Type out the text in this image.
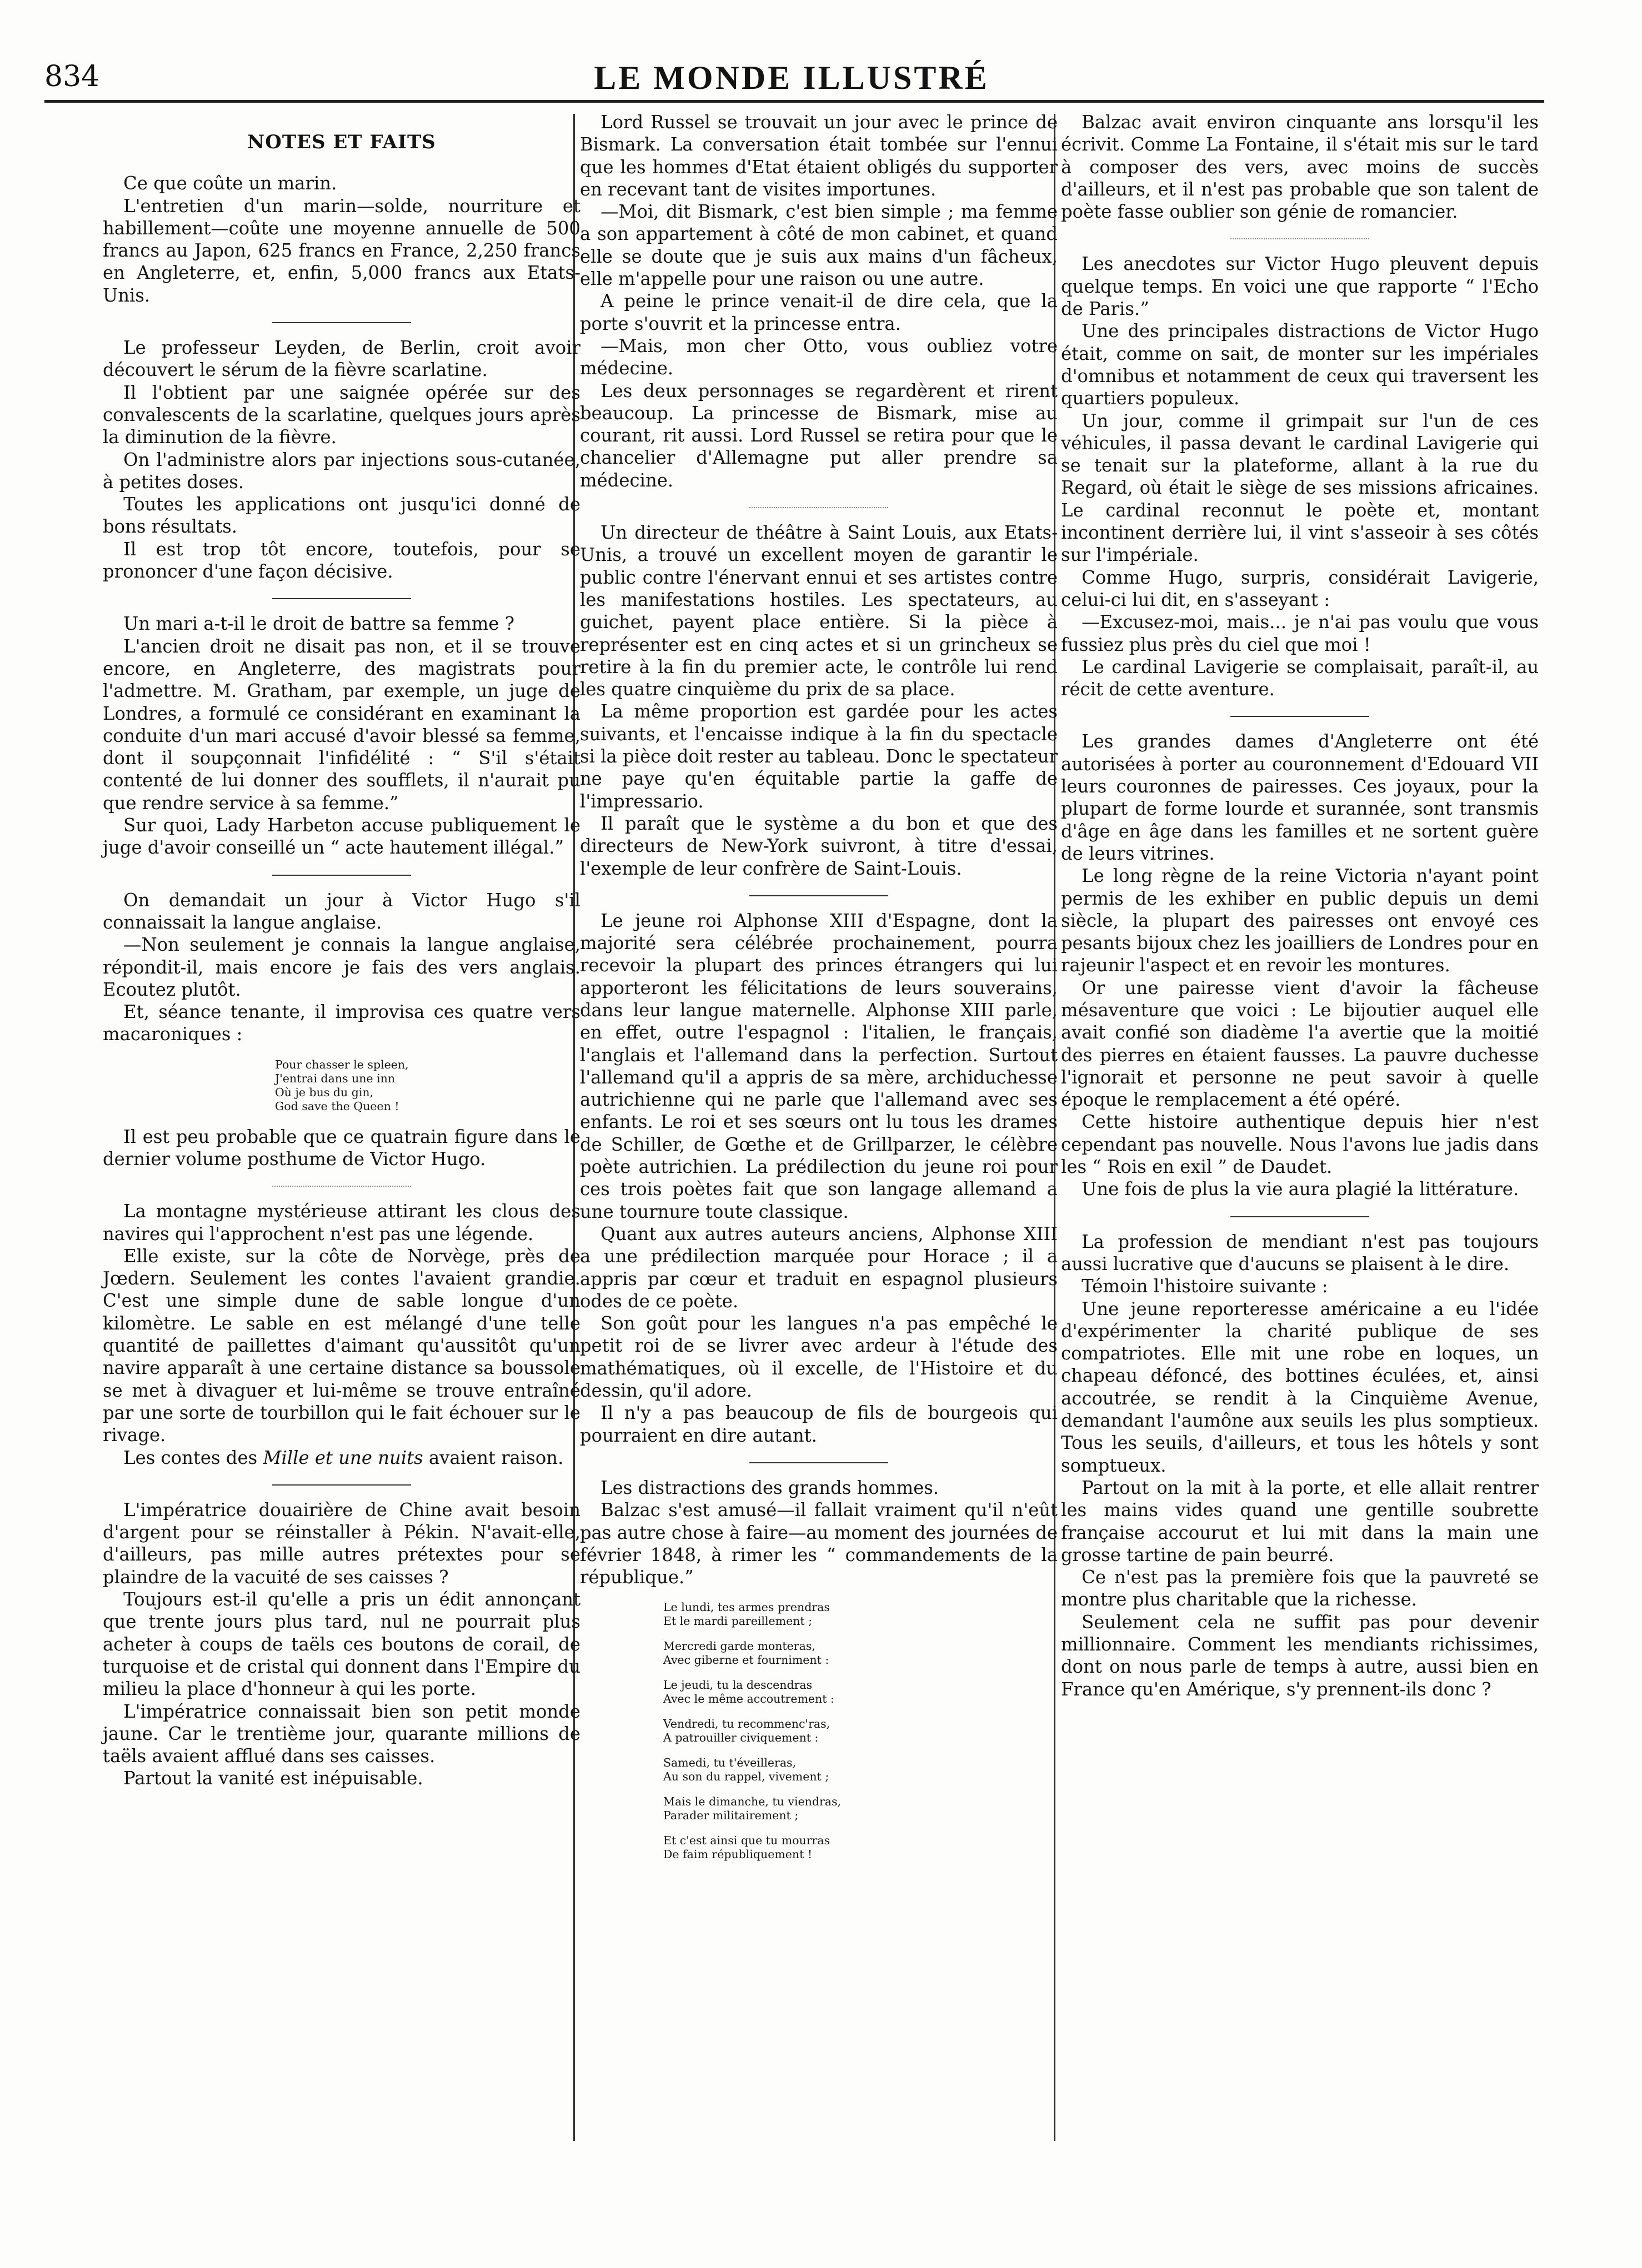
834	LE MONDE ILLUSTRÉ

NOTES ET FAITS

Ce que coûte un marin.

L'entretien d'un marin—solde, nourriture et habillement—coûte une moyenne annuelle de 500 francs au Japon, 625 francs en France, 2,250 francs en Angleterre, et, enfin, 5,000 francs aux Etats-Unis.

Le professeur Leyden, de Berlin, croit avoir découvert le sérum de la fièvre scarlatine.

Il l'obtient par une saignée opérée sur des convalescents de la scarlatine, quelques jours après la diminution de la fièvre.

On l'administre alors par injections sous-cutanée, à petites doses.

Toutes les applications ont jusqu'ici donné de bons résultats.

Il est trop tôt encore, toutefois, pour se prononcer d'une façon décisive.

Un mari a-t-il le droit de battre sa femme ?

L'ancien droit ne disait pas non, et il se trouve encore, en Angleterre, des magistrats pour l'admettre. M. Gratham, par exemple, un juge de Londres, a formulé ce considérant en examinant la conduite d'un mari accusé d'avoir blessé sa femme, dont il soupçonnait l'infidélité : “ S'il s'était contenté de lui donner des soufflets, il n'aurait pu que rendre service à sa femme.”

Sur quoi, Lady Harbeton accuse publiquement le juge d'avoir conseillé un “ acte hautement illégal.”

On demandait un jour à Victor Hugo s'il connaissait la langue anglaise.

—Non seulement je connais la langue anglaise, répondit-il, mais encore je fais des vers anglais. Ecoutez plutôt.

Et, séance tenante, il improvisa ces quatre vers macaroniques :

Pour chasser le spleen,
J'entrai dans une inn
Où je bus du gin,
God save the Queen !

Il est peu probable que ce quatrain figure dans le dernier volume posthume de Victor Hugo.

La montagne mystérieuse attirant les clous des navires qui l'approchent n'est pas une légende.

Elle existe, sur la côte de Norvège, près de Jœdern. Seulement les contes l'avaient grandie. C'est une simple dune de sable longue d'un kilomètre. Le sable en est mélangé d'une telle quantité de paillettes d'aimant qu'aussitôt qu'un navire apparaît à une certaine distance sa boussole se met à divaguer et lui-même se trouve entraîné par une sorte de tourbillon qui le fait échouer sur le rivage.

Les contes des Mille et une nuits avaient raison.

L'impératrice douairière de Chine avait besoin d'argent pour se réinstaller à Pékin. N'avait-elle, d'ailleurs, pas mille autres prétextes pour se plaindre de la vacuité de ses caisses ?

Toujours est-il qu'elle a pris un édit annonçant que trente jours plus tard, nul ne pourrait plus acheter à coups de taëls ces boutons de corail, de turquoise et de cristal qui donnent dans l'Empire du milieu la place d'honneur à qui les porte.

L'impératrice connaissait bien son petit monde jaune. Car le trentième jour, quarante millions de taëls avaient afflué dans ses caisses.

Partout la vanité est inépuisable.

Lord Russel se trouvait un jour avec le prince de Bismark. La conversation était tombée sur l'ennui que les hommes d'Etat étaient obligés du supporter en recevant tant de visites importunes.

—Moi, dit Bismark, c'est bien simple ; ma femme a son appartement à côté de mon cabinet, et quand elle se doute que je suis aux mains d'un fâcheux, elle m'appelle pour une raison ou une autre.

A peine le prince venait-il de dire cela, que la porte s'ouvrit et la princesse entra.

—Mais, mon cher Otto, vous oubliez votre médecine.

Les deux personnages se regardèrent et rirent beaucoup. La princesse de Bismark, mise au courant, rit aussi. Lord Russel se retira pour que le chancelier d'Allemagne put aller prendre sa médecine.

Un directeur de théâtre à Saint Louis, aux Etats-Unis, a trouvé un excellent moyen de garantir le public contre l'énervant ennui et ses artistes contre les manifestations hostiles. Les spectateurs, au guichet, payent place entière. Si la pièce à représenter est en cinq actes et si un grincheux se retire à la fin du premier acte, le contrôle lui rend les quatre cinquième du prix de sa place.

La même proportion est gardée pour les actes suivants, et l'encaisse indique à la fin du spectacle si la pièce doit rester au tableau. Donc le spectateur ne paye qu'en équitable partie la gaffe de l'impressario.

Il paraît que le système a du bon et que des directeurs de New-York suivront, à titre d'essai, l'exemple de leur confrère de Saint-Louis.

Le jeune roi Alphonse XIII d'Espagne, dont la majorité sera célébrée prochainement, pourra recevoir la plupart des princes étrangers qui lui apporteront les félicitations de leurs souverains, dans leur langue maternelle. Alphonse XIII parle, en effet, outre l'espagnol : l'italien, le français, l'anglais et l'allemand dans la perfection. Surtout l'allemand qu'il a appris de sa mère, archiduchesse autrichienne qui ne parle que l'allemand avec ses enfants. Le roi et ses sœurs ont lu tous les drames de Schiller, de Gœthe et de Grillparzer, le célèbre poète autrichien. La prédilection du jeune roi pour ces trois poètes fait que son langage allemand a une tournure toute classique.

Quant aux autres auteurs anciens, Alphonse XIII a une prédilection marquée pour Horace ; il a appris par cœur et traduit en espagnol plusieurs odes de ce poète.

Son goût pour les langues n'a pas empêché le petit roi de se livrer avec ardeur à l'étude des mathématiques, où il excelle, de l'Histoire et du dessin, qu'il adore.

Il n'y a pas beaucoup de fils de bourgeois qui pourraient en dire autant.

Les distractions des grands hommes.

Balzac s'est amusé—il fallait vraiment qu'il n'eût pas autre chose à faire—au moment des journées de février 1848, à rimer les “ commandements de la république.”

Le lundi, tes armes prendras
Et le mardi pareillement ;
Mercredi garde monteras,
Avec giberne et fourniment :
Le jeudi, tu la descendras
Avec le même accoutrement :
Vendredi, tu recommenc'ras,
A patrouiller civiquement :
Samedi, tu t'éveilleras,
Au son du rappel, vivement ;
Mais le dimanche, tu viendras,
Parader militairement ;
Et c'est ainsi que tu mourras
De faim républiquement !

Balzac avait environ cinquante ans lorsqu'il les écrivit. Comme La Fontaine, il s'était mis sur le tard à composer des vers, avec moins de succès d'ailleurs, et il n'est pas probable que son talent de poète fasse oublier son génie de romancier.

Les anecdotes sur Victor Hugo pleuvent depuis quelque temps. En voici une que rapporte “ l'Echo de Paris.”

Une des principales distractions de Victor Hugo était, comme on sait, de monter sur les impériales d'omnibus et notamment de ceux qui traversent les quartiers populeux.

Un jour, comme il grimpait sur l'un de ces véhicules, il passa devant le cardinal Lavigerie qui se tenait sur la plateforme, allant à la rue du Regard, où était le siège de ses missions africaines. Le cardinal reconnut le poète et, montant incontinent derrière lui, il vint s'asseoir à ses côtés sur l'impériale.

Comme Hugo, surpris, considérait Lavigerie, celui-ci lui dit, en s'asseyant :

—Excusez-moi, mais... je n'ai pas voulu que vous fussiez plus près du ciel que moi !

Le cardinal Lavigerie se complaisait, paraît-il, au récit de cette aventure.

Les grandes dames d'Angleterre ont été autorisées à porter au couronnement d'Edouard VII leurs couronnes de pairesses. Ces joyaux, pour la plupart de forme lourde et surannée, sont transmis d'âge en âge dans les familles et ne sortent guère de leurs vitrines.

Le long règne de la reine Victoria n'ayant point permis de les exhiber en public depuis un demi siècle, la plupart des pairesses ont envoyé ces pesants bijoux chez les joailliers de Londres pour en rajeunir l'aspect et en revoir les montures.

Or une pairesse vient d'avoir la fâcheuse mésaventure que voici : Le bijoutier auquel elle avait confié son diadème l'a avertie que la moitié des pierres en étaient fausses. La pauvre duchesse l'ignorait et personne ne peut savoir à quelle époque le remplacement a été opéré.

Cette histoire authentique depuis hier n'est cependant pas nouvelle. Nous l'avons lue jadis dans les “ Rois en exil ” de Daudet.

Une fois de plus la vie aura plagié la littérature.

La profession de mendiant n'est pas toujours aussi lucrative que d'aucuns se plaisent à le dire.

Témoin l'histoire suivante :

Une jeune reporteresse américaine a eu l'idée d'expérimenter la charité publique de ses compatriotes. Elle mit une robe en loques, un chapeau défoncé, des bottines éculées, et, ainsi accoutrée, se rendit à la Cinquième Avenue, demandant l'aumône aux seuils les plus somptieux. Tous les seuils, d'ailleurs, et tous les hôtels y sont somptueux.

Partout on la mit à la porte, et elle allait rentrer les mains vides quand une gentille soubrette française accourut et lui mit dans la main une grosse tartine de pain beurré.

Ce n'est pas la première fois que la pauvreté se montre plus charitable que la richesse.

Seulement cela ne suffit pas pour devenir millionnaire. Comment les mendiants richissimes, dont on nous parle de temps à autre, aussi bien en France qu'en Amérique, s'y prennent-ils donc ?
